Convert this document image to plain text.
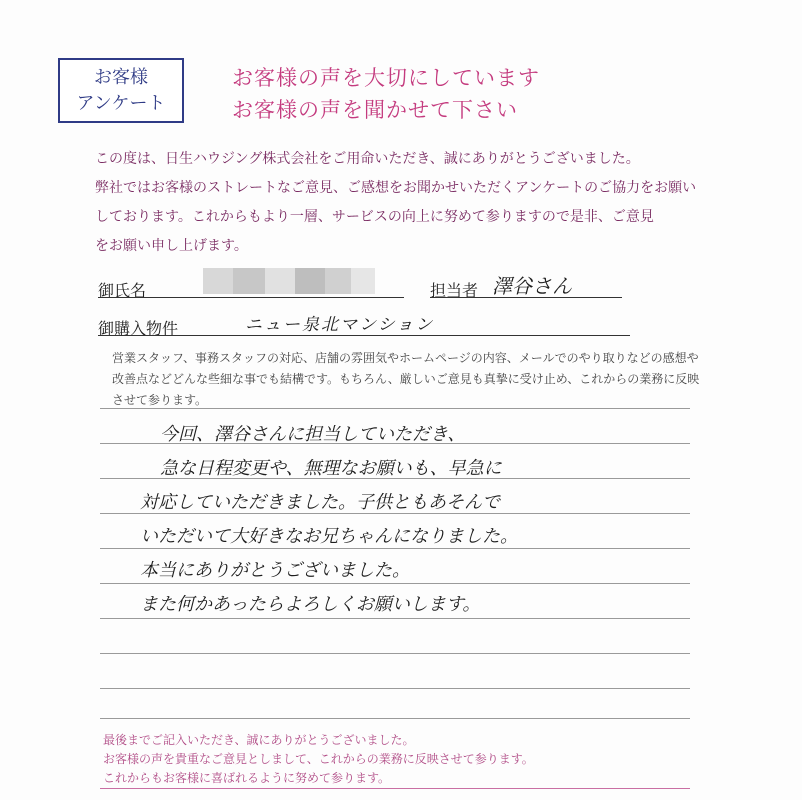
お客様
アンケート
お客様の声を大切にしています
お客様の声を聞かせて下さい
この度は、日生ハウジング株式会社をご用命いただき、誠にありがとうございました。
弊社ではお客様のストレートなご意見、ご感想をお聞かせいただくアンケートのご協力をお願い
しております。これからもより一層、サービスの向上に努めて参りますので是非、ご意見
をお願い申し上げます。
御氏名	担当者 澤谷さん
御購入物件	ニュー泉北マンション
営業スタッフ、事務スタッフの対応、店舗の雰囲気やホームページの内容、メールでのやり取りなどの感想や
改善点などどんな些細な事でも結構です。もちろん、厳しいご意見も真摯に受け止め、これからの業務に反映
させて参ります。
今回、澤谷さんに担当していただき、
急な日程変更や、無理なお願いも、早急に
対応していただきました。子供ともあそんで
いただいて大好きなお兄ちゃんになりました。
本当にありがとうございました。
また何かあったらよろしくお願いします。
最後までご記入いただき、誠にありがとうございました。
お客様の声を貴重なご意見としまして、これからの業務に反映させて参ります。
これからもお客様に喜ばれるように努めて参ります。
